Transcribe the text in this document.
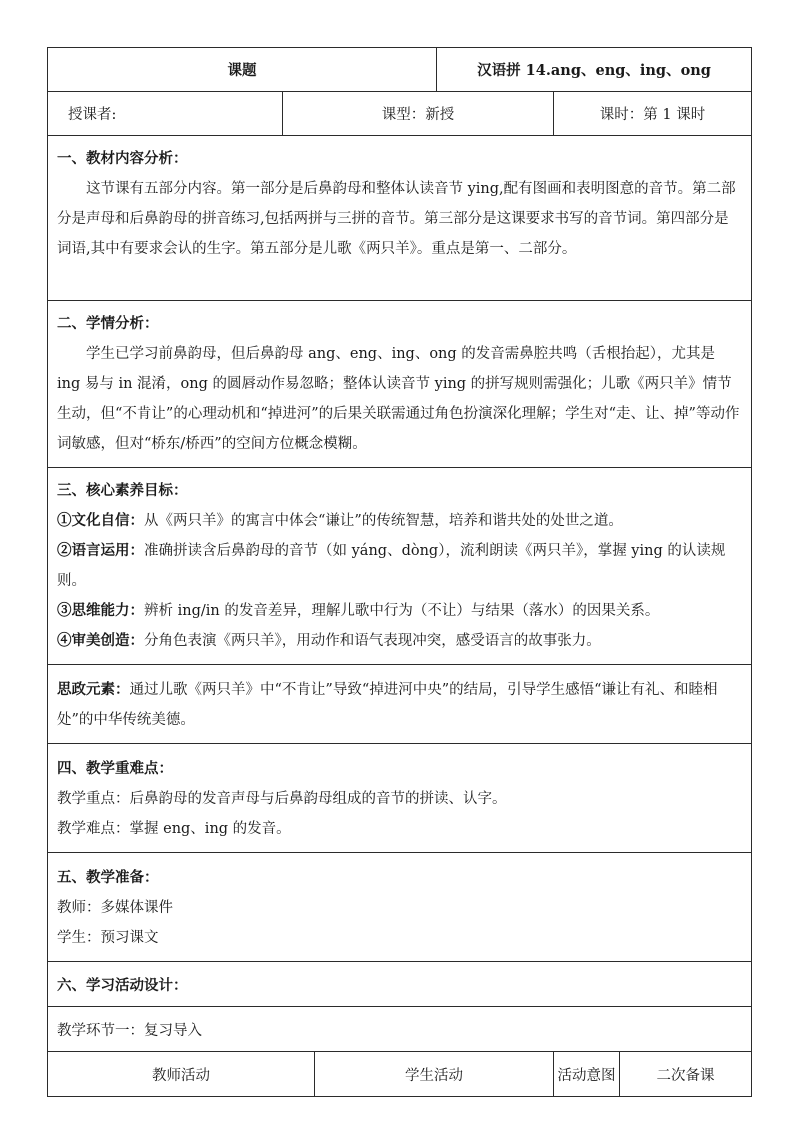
课题			汉语拼 14.ang、eng、ing、ong		
授课者:	课型：新授			课时：第 1 课时	

一、教材内容分析：

这节课有五部分内容。第一部分是后鼻韵母和整体认读音节 ying,配有图画和表明图意的音节。第二部分是声母和后鼻韵母的拼音练习,包括两拼与三拼的音节。第三部分是这课要求书写的音节词。第四部分是词语,其中有要求会认的生字。第五部分是儿歌《两只羊》。重点是第一、二部分。					

二、学情分析：

学生已学习前鼻韵母，但后鼻韵母 ang、eng、ing、ong 的发音需鼻腔共鸣（舌根抬起），尤其是 ing 易与 in 混淆，ong 的圆唇动作易忽略；整体认读音节 ying 的拼写规则需强化；儿歌《两只羊》情节生动，但“不肯让”的心理动机和“掉进河”的后果关联需通过角色扮演深化理解；学生对“走、让、掉”等动作词敏感，但对“桥东/桥西”的空间方位概念模糊。					

三、核心素养目标：

①文化自信：从《两只羊》的寓言中体会“谦让”的传统智慧，培养和谐共处的处世之道。

②语言运用：准确拼读含后鼻韵母的音节（如 yáng、dòng），流利朗读《两只羊》，掌握 ying 的认读规则。

③思维能力：辨析 ing/in 的发音差异，理解儿歌中行为（不让）与结果（落水）的因果关系。

④审美创造：分角色表演《两只羊》，用动作和语气表现冲突，感受语言的故事张力。					

思政元素：通过儿歌《两只羊》中“不肯让”导致“掉进河中央”的结局，引导学生感悟“谦让有礼、和睦相处”的中华传统美德。					

四、教学重难点：

教学重点：后鼻韵母的发音声母与后鼻韵母组成的音节的拼读、认字。

教学难点：掌握 eng、ing 的发音。					

五、教学准备：

教师：多媒体课件

学生：预习课文					

六、学习活动设计：					
教学环节一：复习导入					
教师活动		学生活动		活动意图	二次备课
